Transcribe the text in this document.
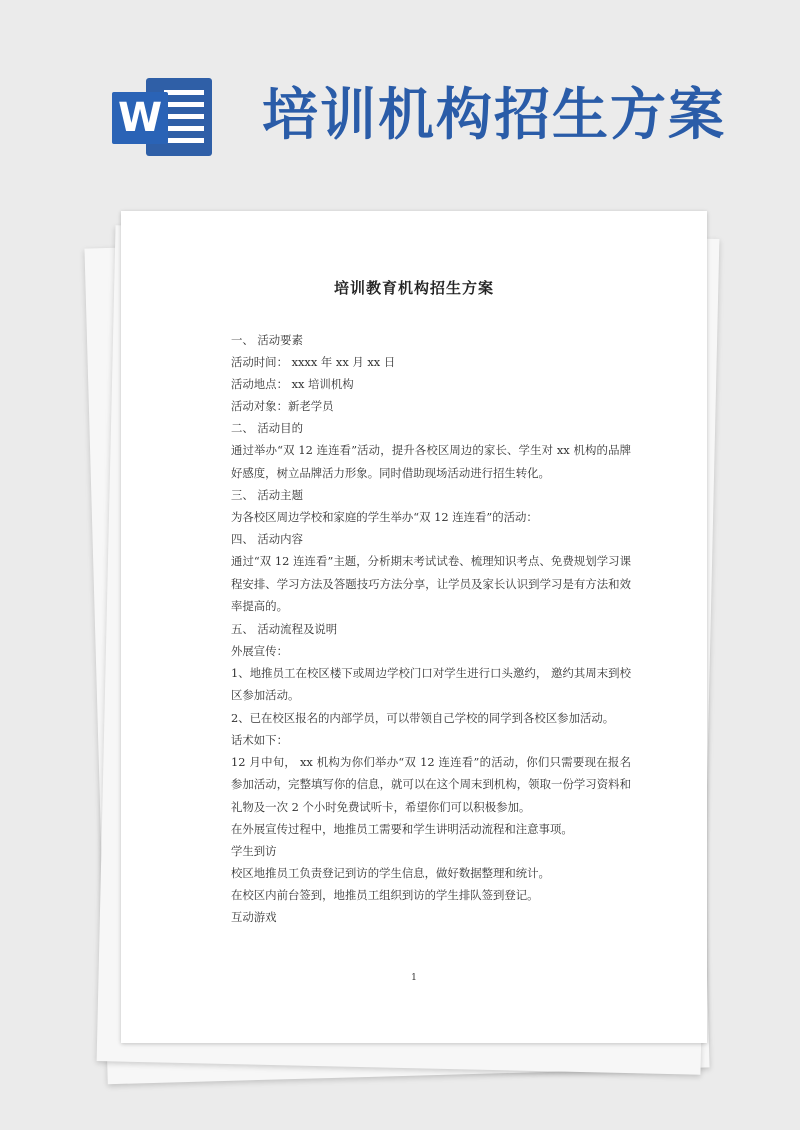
W 培训机构招生方案
培训教育机构招生方案

一、 活动要素

活动时间： xxxx 年 xx 月 xx 日

活动地点： xx 培训机构

活动对象：新老学员

二、 活动目的

通过举办“双 12 连连看”活动，提升各校区周边的家长、学生对 xx 机构的品牌好感度，树立品牌活力形象。同时借助现场活动进行招生转化。

三、 活动主题

为各校区周边学校和家庭的学生举办“双 12 连连看”的活动：

四、 活动内容

通过“双 12 连连看”主题，分析期末考试试卷、梳理知识考点、免费规划学习课程安排、学习方法及答题技巧方法分享，让学员及家长认识到学习是有方法和效率提高的。

五、 活动流程及说明

外展宣传：

1、地推员工在校区楼下或周边学校门口对学生进行口头邀约， 邀约其周末到校区参加活动。

2、已在校区报名的内部学员，可以带领自己学校的同学到各校区参加活动。

话术如下：

12 月中旬， xx 机构为你们举办“双 12 连连看”的活动，你们只需要现在报名参加活动，完整填写你的信息，就可以在这个周末到机构，领取一份学习资料和礼物及一次 2 个小时免费试听卡，希望你们可以积极参加。

在外展宣传过程中，地推员工需要和学生讲明活动流程和注意事项。

学生到访

校区地推员工负责登记到访的学生信息，做好数据整理和统计。

在校区内前台签到，地推员工组织到访的学生排队签到登记。

互动游戏

1
